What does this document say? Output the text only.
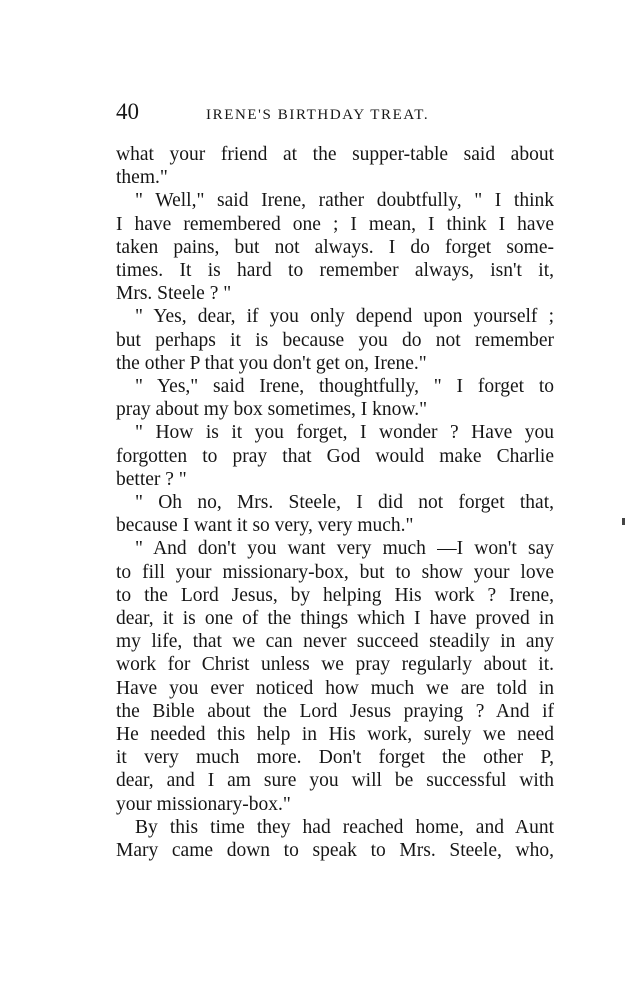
40	IRENE'S BIRTHDAY TREAT.
what your friend at the supper-table said about
them."
" Well," said Irene, rather doubtfully, " I think
I have remembered one ; I mean, I think I have
taken pains, but not always. I do forget some-
times. It is hard to remember always, isn't it,
Mrs. Steele ? "
" Yes, dear, if you only depend upon yourself ;
but perhaps it is because you do not remember
the other P that you don't get on, Irene."
" Yes," said Irene, thoughtfully, " I forget to
pray about my box sometimes, I know."
" How is it you forget, I wonder ? Have you
forgotten to pray that God would make Charlie
better ? "
" Oh no, Mrs. Steele, I did not forget that,
because I want it so very, very much."
" And don't you want very much —I won't say
to fill your missionary-box, but to show your love
to the Lord Jesus, by helping His work ? Irene,
dear, it is one of the things which I have proved in
my life, that we can never succeed steadily in any
work for Christ unless we pray regularly about it.
Have you ever noticed how much we are told in
the Bible about the Lord Jesus praying ? And if
He needed this help in His work, surely we need
it very much more. Don't forget the other P,
dear, and I am sure you will be successful with
your missionary-box."
By this time they had reached home, and Aunt
Mary came down to speak to Mrs. Steele, who,
